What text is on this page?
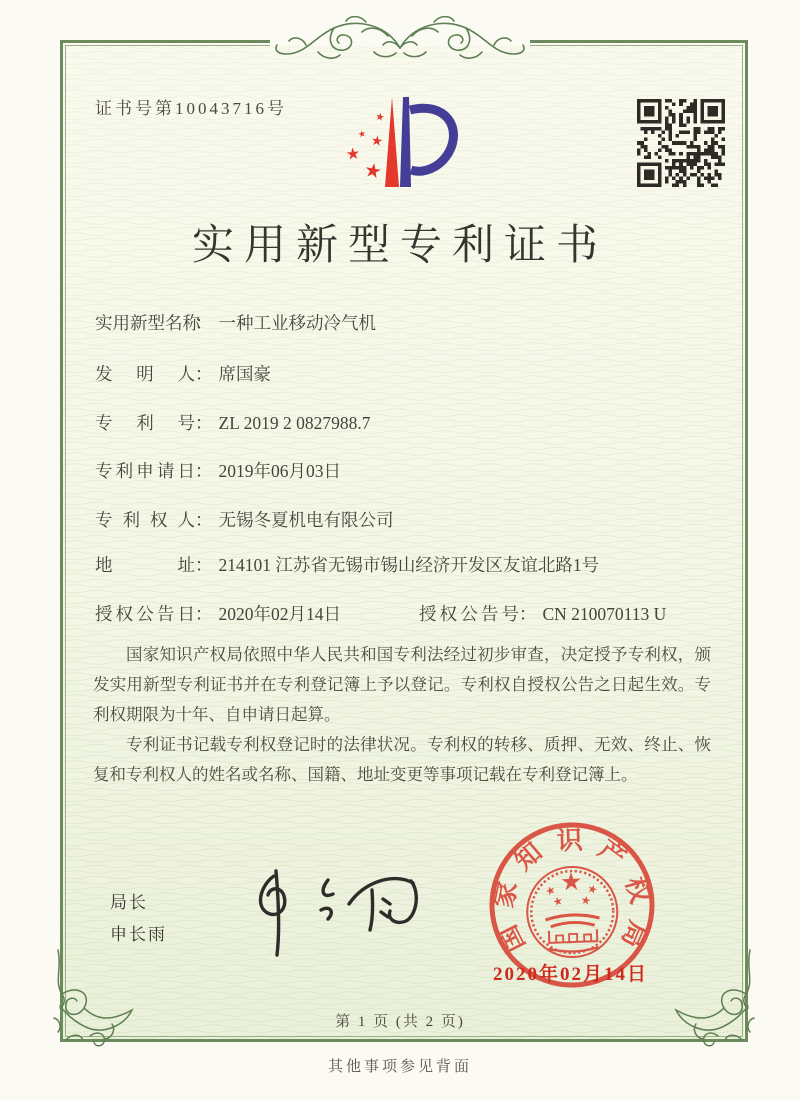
证书号第10043716号
实用新型专利证书
实用新型名称： 一种工业移动冷气机
发明人： 席国豪
专利号： ZL 2019 2 0827988.7
专利申请日： 2019年06月03日
专利权人： 无锡冬夏机电有限公司
地址： 214101 江苏省无锡市锡山经济开发区友谊北路1号
授权公告日： 2020年02月14日	授权公告号： CN 210070113 U

国家知识产权局依照中华人民共和国专利法经过初步审查，决定授予专利权，颁发实用新型专利证书并在专利登记簿上予以登记。专利权自授权公告之日起生效。专利权期限为十年、自申请日起算。

专利证书记载专利权登记时的法律状况。专利权的转移、质押、无效、终止、恢复和专利权人的姓名或名称、国籍、地址变更等事项记载在专利登记簿上。

局长
申长雨	国
家
知 识 产
权
局
2020年02月14日
第 1 页 (共 2 页)
其他事项参见背面
